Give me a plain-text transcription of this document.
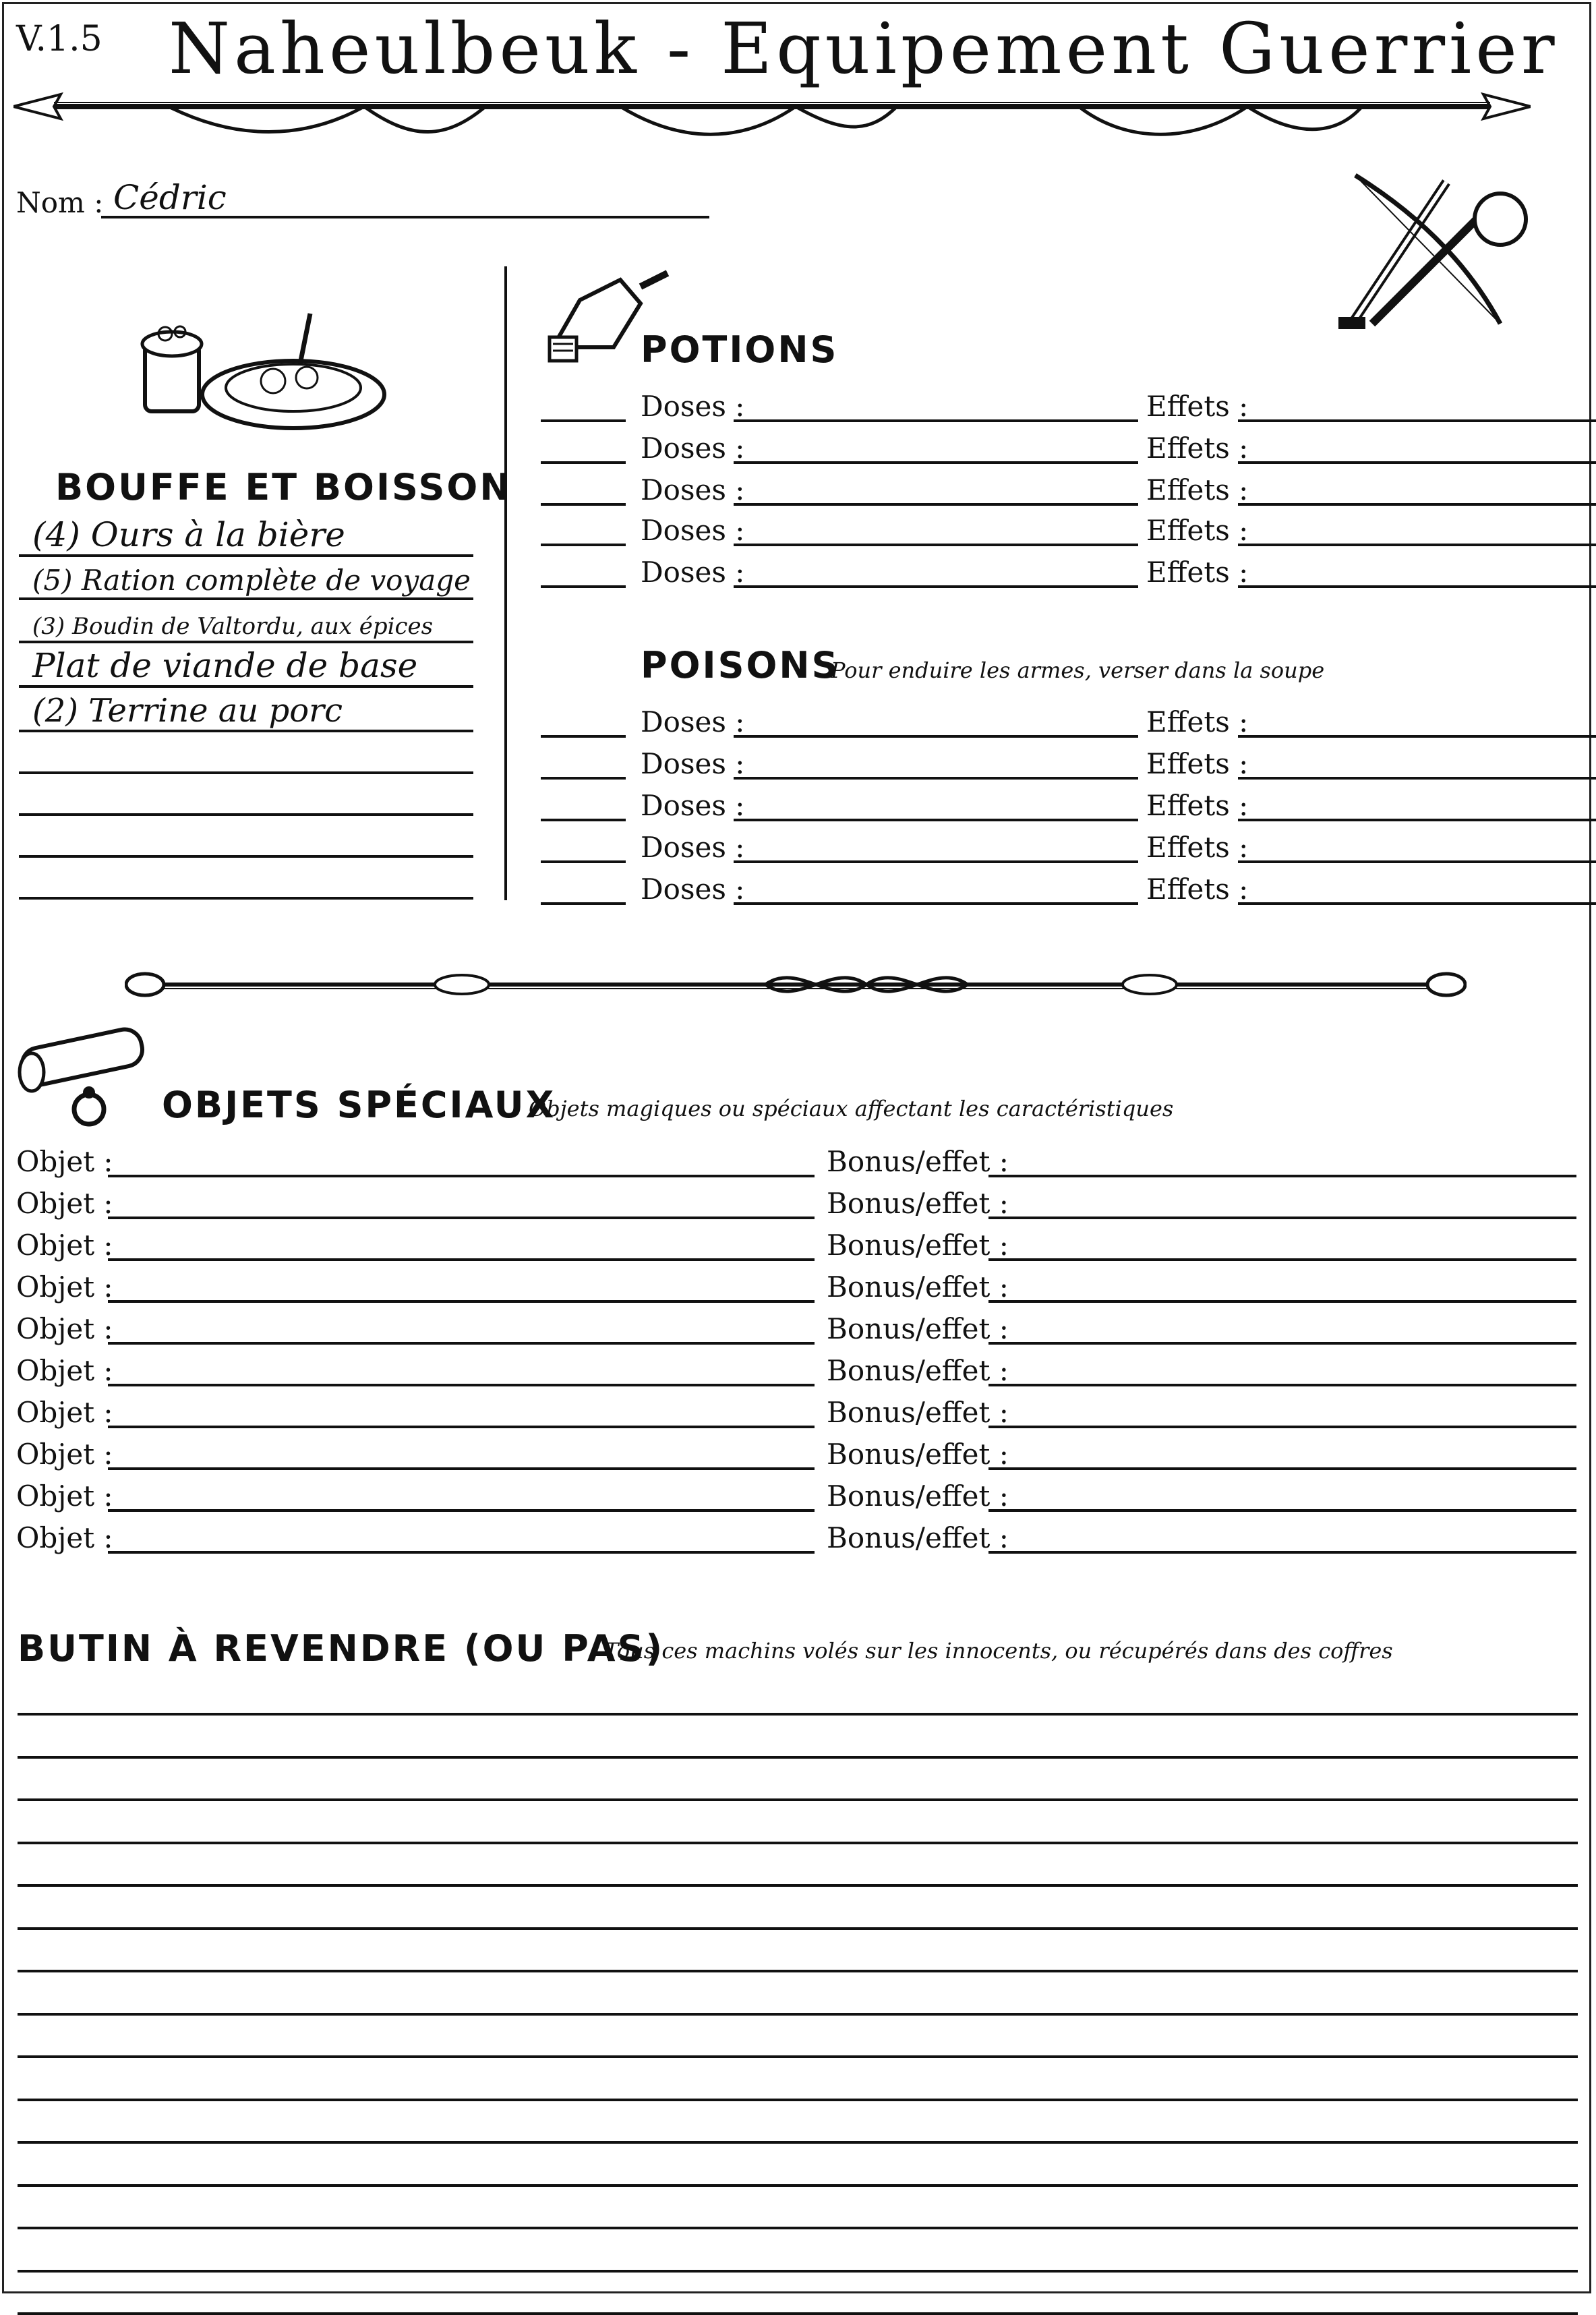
V.1.5 Naheulbeuk - Equipement Guerrier
Nom : Cédric
BOUFFE ET BOISSON
(4) Ours à la bière
(5) Ration complète de voyage
(3) Boudin de Valtordu, aux épices
Plat de viande de base
(2) Terrine au porc
POTIONS
Doses :	Effets :
Doses :	Effets :
Doses :	Effets :
Doses :	Effets :
Doses :	Effets :
POISONS
Pour enduire les armes, verser dans la soupe
Doses :	Effets :
Doses :	Effets :
Doses :	Effets :
Doses :	Effets :
Doses :	Effets :
OBJETS SPÉCIAUX
Objets magiques ou spéciaux affectant les caractéristiques
Objet :	Bonus/effet :
Objet :	Bonus/effet :
Objet :	Bonus/effet :
Objet :	Bonus/effet :
Objet :	Bonus/effet :
Objet :	Bonus/effet :
Objet :	Bonus/effet :
Objet :	Bonus/effet :
Objet :	Bonus/effet :
Objet :	Bonus/effet :
BUTIN À REVENDRE (OU PAS)
Tous ces machins volés sur les innocents, ou récupérés dans des coffres
